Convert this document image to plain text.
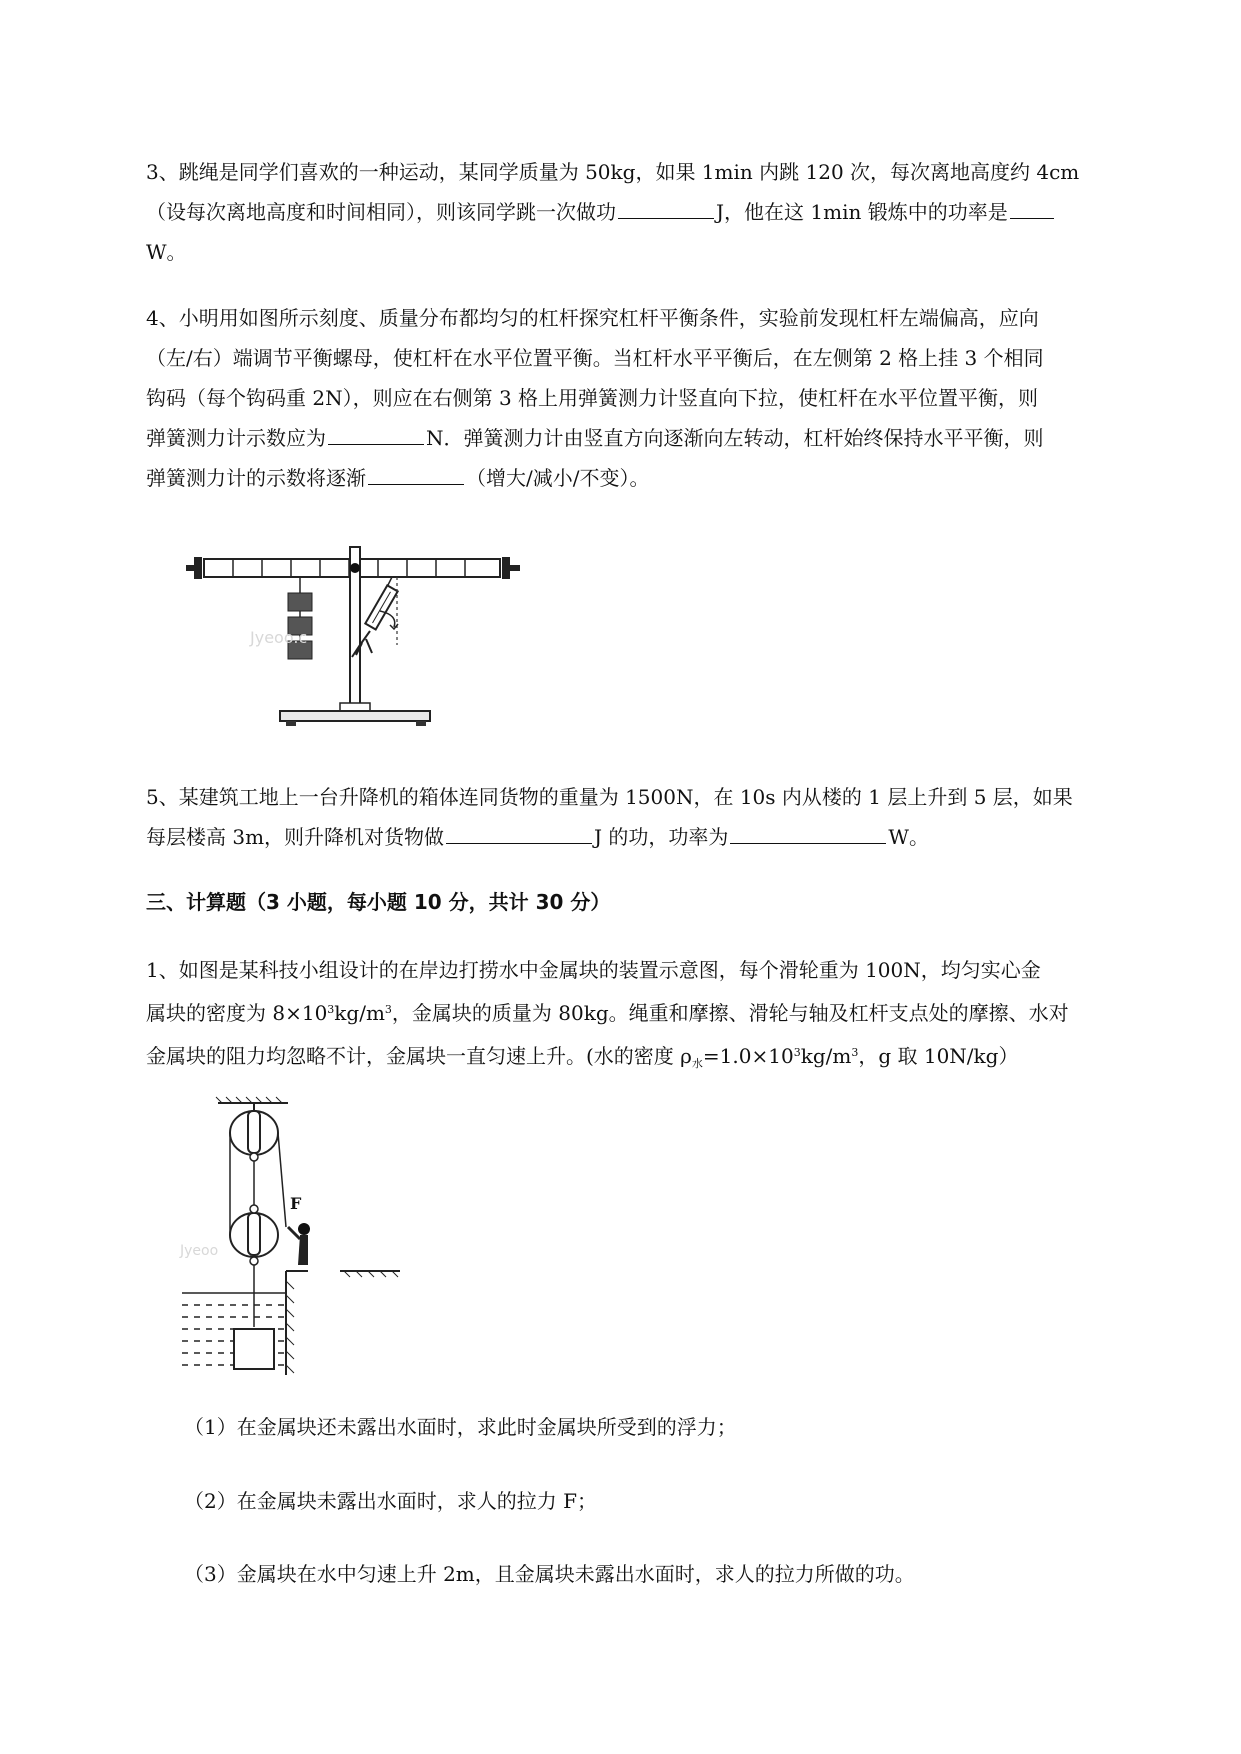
3、跳绳是同学们喜欢的一种运动，某同学质量为 50kg，如果 1min 内跳 120 次，每次离地高度约 4cm
（设每次离地高度和时间相同），则该同学跳一次做功	J，他在这 1min 锻炼中的功率是
W。
4、小明用如图所示刻度、质量分布都均匀的杠杆探究杠杆平衡条件，实验前发现杠杆左端偏高，应向
（左/右）端调节平衡螺母，使杠杆在水平位置平衡。当杠杆水平平衡后，在左侧第 2 格上挂 3 个相同
钩码（每个钩码重 2N），则应在右侧第 3 格上用弹簧测力计竖直向下拉，使杠杆在水平位置平衡，则
弹簧测力计示数应为	N．弹簧测力计由竖直方向逐渐向左转动，杠杆始终保持水平平衡，则
弹簧测力计的示数将逐渐	（增大/减小/不变）。
Jyeoo.c
5、某建筑工地上一台升降机的箱体连同货物的重量为 1500N，在 10s 内从楼的 1 层上升到 5 层，如果
每层楼高 3m，则升降机对货物做	J 的功，功率为	W。
三、计算题（3 小题，每小题 10 分，共计 30 分）
1、如图是某科技小组设计的在岸边打捞水中金属块的装置示意图，每个滑轮重为 100N，均匀实心金
属块的密度为 $8\times 10^3kg/m^3$，金属块的质量为 80kg。绳重和摩擦、滑轮与轴及杠杆支点处的摩擦、水对
金属块的阻力均忽略不计，金属块一直匀速上升。(水的密度 $\rho_水=1.0\times 10^3kg/m^3$，g 取 10N/kg）
F
Jyeoo
（1）在金属块还未露出水面时，求此时金属块所受到的浮力；
（2）在金属块未露出水面时，求人的拉力 F；
（3）金属块在水中匀速上升 2m，且金属块未露出水面时，求人的拉力所做的功。
